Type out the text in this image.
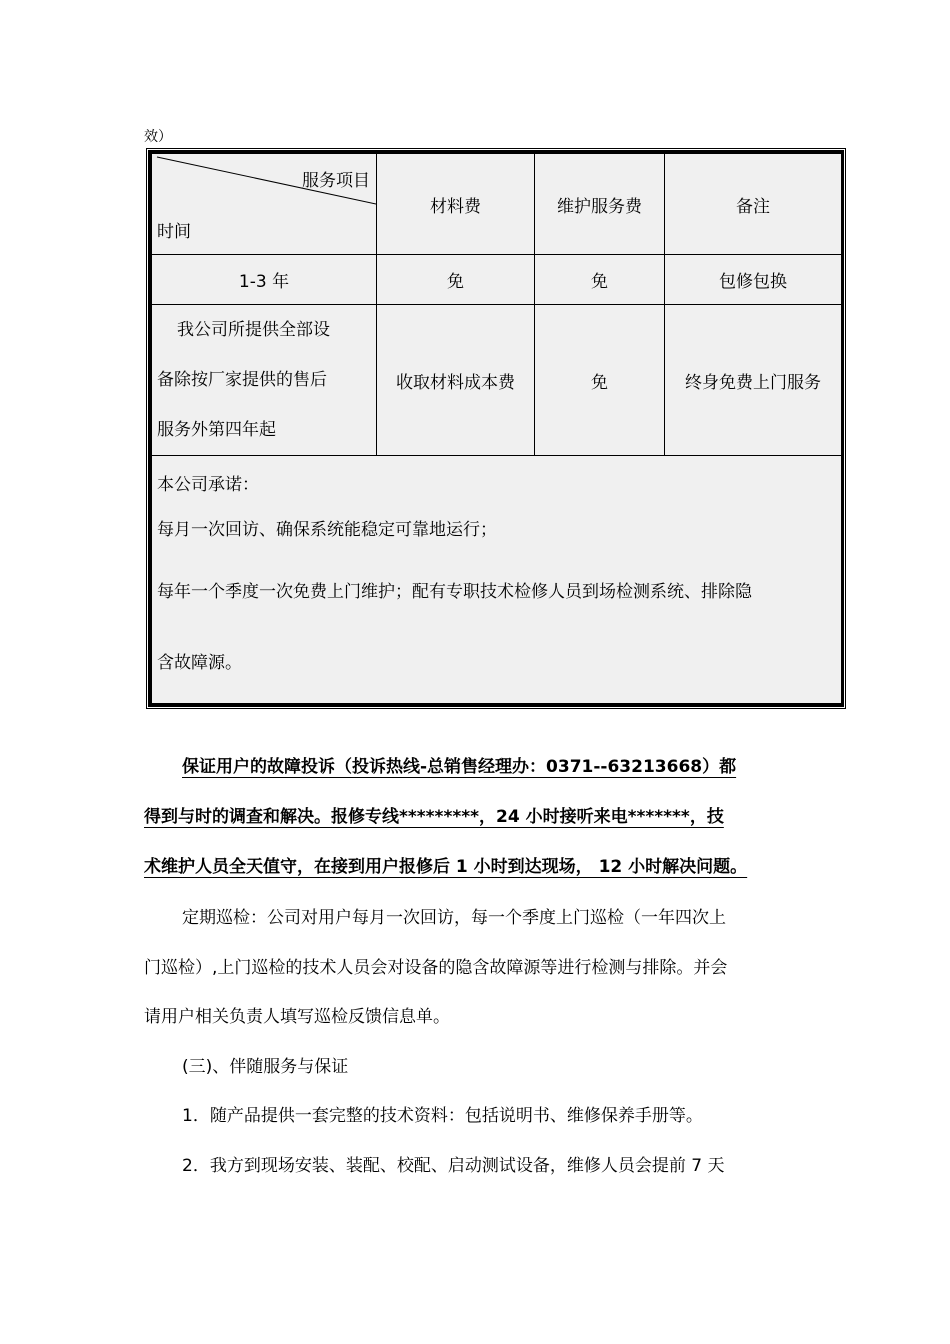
效）
服务项目
时间	材料费	维护服务费	备注
1-3 年	免	免	包修包换

我公司所提供全部设
备除按厂家提供的售后
服务外第四年起	收取材料成本费	免	终身免费上门服务

本公司承诺：
每月一次回访、确保系统能稳定可靠地运行；
每年一个季度一次免费上门维护；配有专职技术检修人员到场检测系统、排除隐
含故障源。			
保证用户的故障投诉（投诉热线-总销售经理办：0371--63213668）都
得到与时的调查和解决。报修专线*********，24 小时接听来电*******，技
术维护人员全天值守，在接到用户报修后 1 小时到达现场， 12 小时解决问题。
定期巡检：公司对用户每月一次回访，每一个季度上门巡检（一年四次上
门巡检）,上门巡检的技术人员会对设备的隐含故障源等进行检测与排除。并会
请用户相关负责人填写巡检反馈信息单。
(三)、伴随服务与保证
1．随产品提供一套完整的技术资料：包括说明书、维修保养手册等。
2．我方到现场安装、装配、校配、启动测试设备，维修人员会提前 7 天
